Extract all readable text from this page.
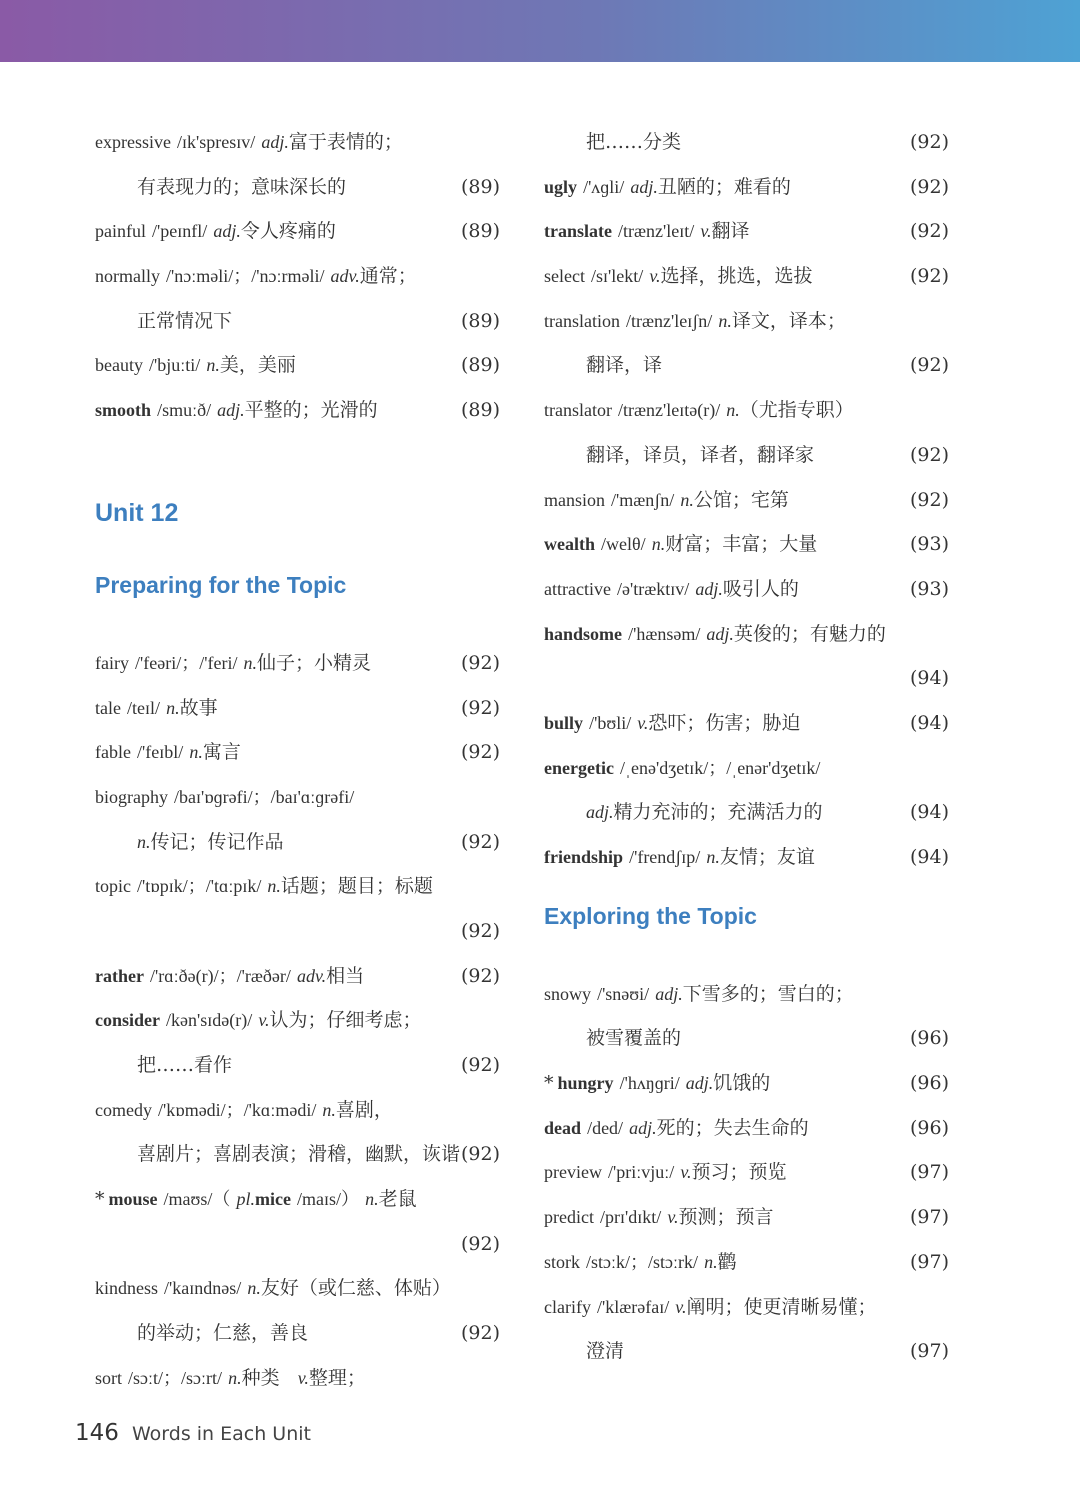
expressive /ɪk'spresɪv/ adj.富于表情的；
有表现力的；意味深长的	(89)
painful /'peɪnfl/ adj.令人疼痛的	(89)
normally /'nɔːməli/；/'nɔːrməli/ adv.通常；
正常情况下	(89)
beauty /'bjuːti/ n.美，美丽	(89)
smooth /smuːð/ adj.平整的；光滑的	(89)
Unit 12
Preparing for the Topic
fairy /'feəri/；/'feri/ n.仙子；小精灵	(92)
tale /teɪl/ n.故事	(92)
fable /'feɪbl/ n.寓言	(92)
biography /baɪ'ɒɡrəfi/；/baɪ'ɑːɡrəfi/
n.传记；传记作品	(92)
topic /'tɒpɪk/；/'tɑːpɪk/ n.话题；题目；标题
(92)
rather /'rɑːðə(r)/；/'ræðər/ adv.相当	(92)
consider /kən'sɪdə(r)/ v.认为；仔细考虑；
把……看作	(92)
comedy /'kɒmədi/；/'kɑːmədi/ n.喜剧，
喜剧片；喜剧表演；滑稽，幽默，诙谐 (92)
* mouse /maʊs/（ pl.mice /maɪs/） n.老鼠
(92)
kindness /'kaɪndnəs/ n.友好（或仁慈、体贴）
的举动；仁慈，善良	(92)
sort /sɔːt/；/sɔːrt/ n.种类 v.整理；
把……分类	(92)
ugly /'ʌɡli/ adj.丑陋的；难看的	(92)
translate /trænz'leɪt/ v.翻译	(92)
select /sɪ'lekt/ v.选择，挑选，选拔	(92)
translation /trænz'leɪʃn/ n.译文，译本；
翻译，译	(92)
translator /trænz'leɪtə(r)/ n.（尤指专职）
翻译，译员，译者，翻译家	(92)
mansion /'mænʃn/ n.公馆；宅第	(92)
wealth /welθ/ n.财富；丰富；大量	(93)
attractive /ə'træktɪv/ adj.吸引人的	(93)
handsome /'hænsəm/ adj.英俊的；有魅力的
(94)
bully /'bʊli/ v.恐吓；伤害；胁迫	(94)
energetic /ˌenə'dʒetɪk/；/ˌenər'dʒetɪk/
adj.精力充沛的；充满活力的	(94)
friendship /'frendʃɪp/ n.友情；友谊	(94)
Exploring the Topic
snowy /'snəʊi/ adj.下雪多的；雪白的；
被雪覆盖的	(96)
* hungry /'hʌŋɡri/ adj.饥饿的	(96)
dead /ded/ adj.死的；失去生命的	(96)
preview /'priːvjuː/ v.预习；预览	(97)
predict /prɪ'dɪkt/ v.预测；预言	(97)
stork /stɔːk/；/stɔːrk/ n.鹳	(97)
clarify /'klærəfaɪ/ v.阐明；使更清晰易懂；
澄清	(97)
146 Words in Each Unit
